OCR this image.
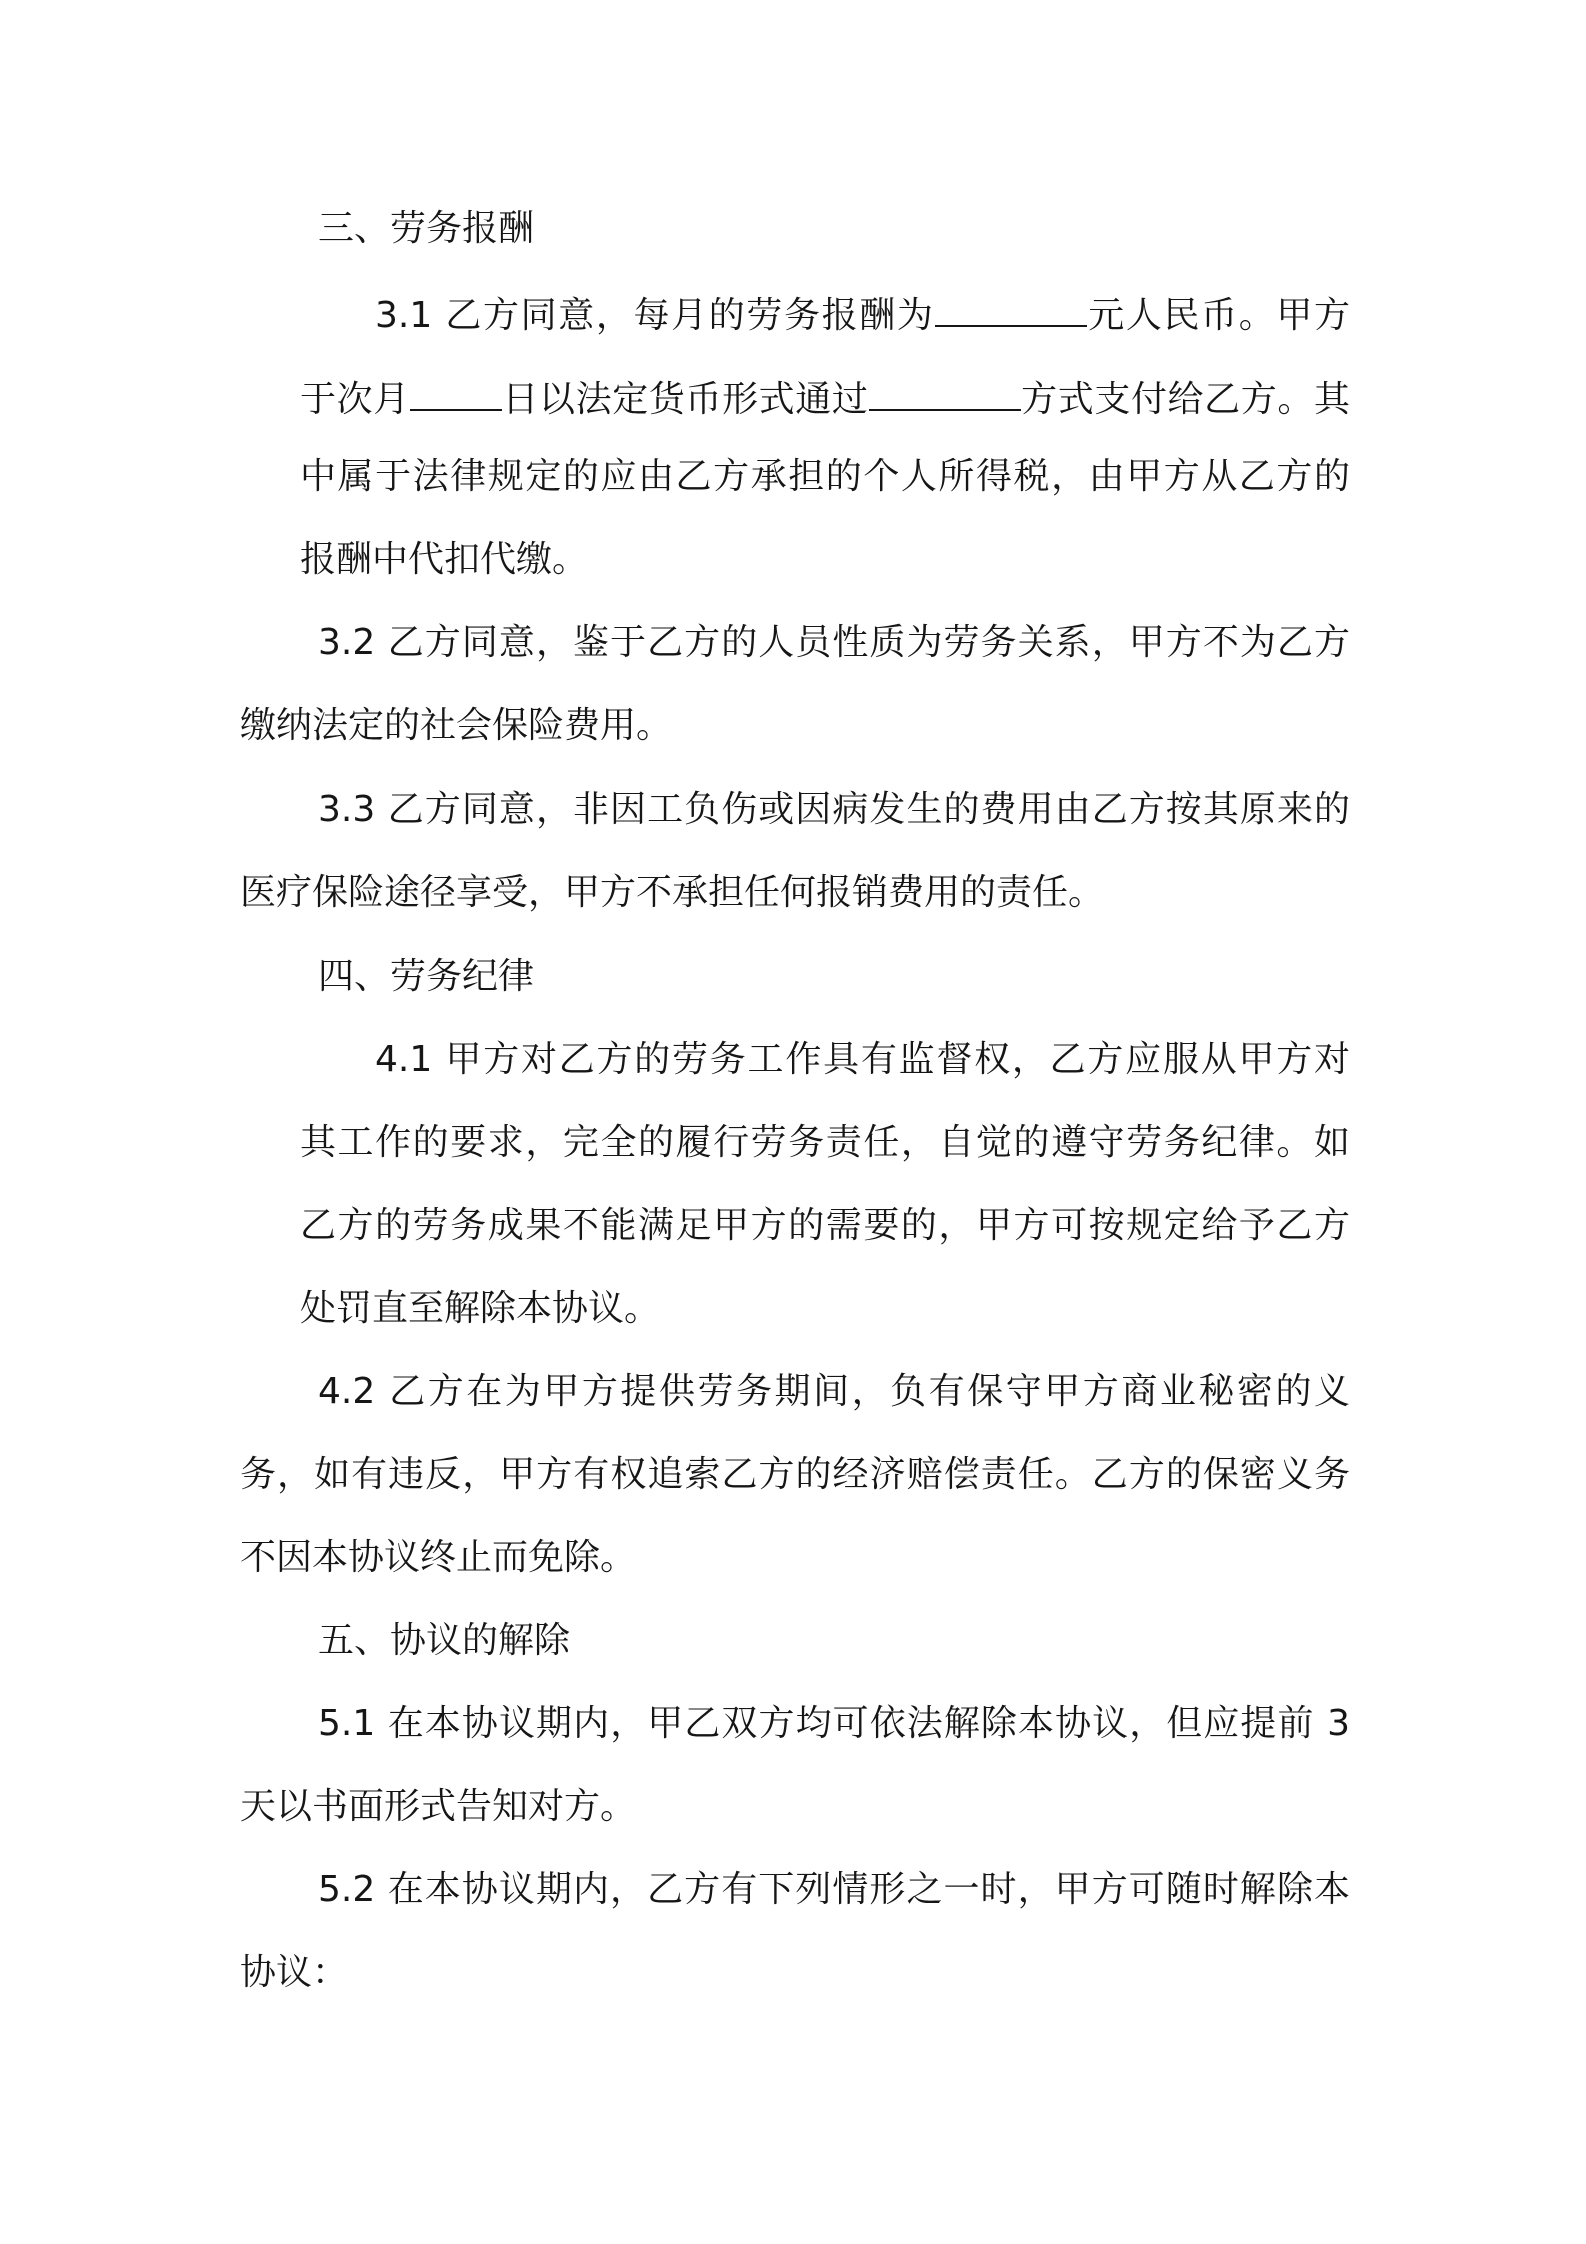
三、劳务报酬
3.1 乙方同意，每月的劳务报酬为	元人民币。甲方
于次月	日以法定货币形式通过	方式支付给乙方。其
中属于法律规定的应由乙方承担的个人所得税，由甲方从乙方的
报酬中代扣代缴。
3.2 乙方同意，鉴于乙方的人员性质为劳务关系，甲方不为乙方
缴纳法定的社会保险费用。
3.3 乙方同意，非因工负伤或因病发生的费用由乙方按其原来的
医疗保险途径享受，甲方不承担任何报销费用的责任。
四、劳务纪律
4.1 甲方对乙方的劳务工作具有监督权，乙方应服从甲方对
其工作的要求，完全的履行劳务责任，自觉的遵守劳务纪律。如
乙方的劳务成果不能满足甲方的需要的，甲方可按规定给予乙方
处罚直至解除本协议。
4.2 乙方在为甲方提供劳务期间，负有保守甲方商业秘密的义
务，如有违反，甲方有权追索乙方的经济赔偿责任。乙方的保密义务
不因本协议终止而免除。
五、协议的解除
5.1 在本协议期内，甲乙双方均可依法解除本协议，但应提前 3
天以书面形式告知对方。
5.2 在本协议期内，乙方有下列情形之一时，甲方可随时解除本
协议：
